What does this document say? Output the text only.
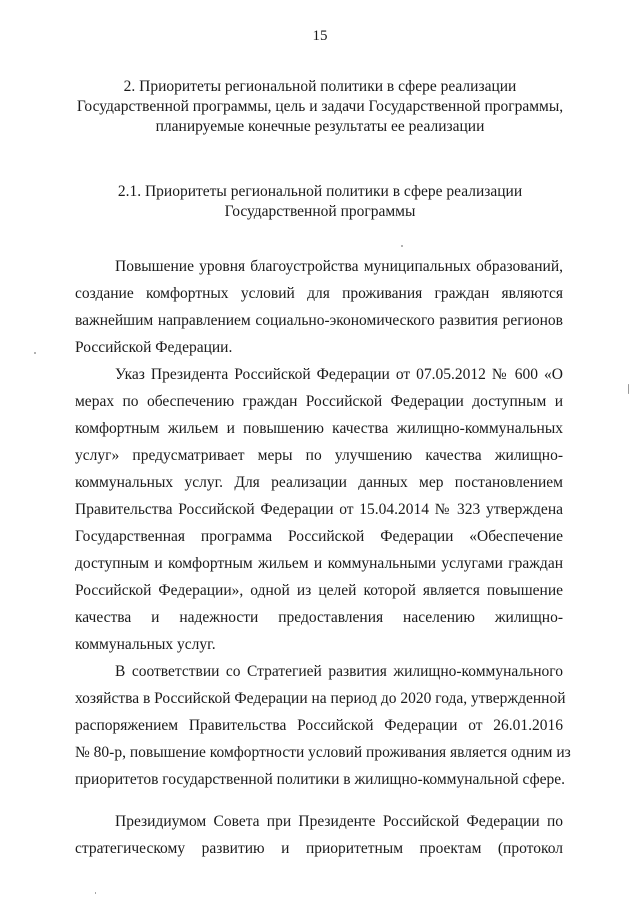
15
2. Приоритеты региональной политики в сфере реализации
Государственной программы, цель и задачи Государственной программы,
планируемые конечные результаты ее реализации
2.1. Приоритеты региональной политики в сфере реализации
Государственной программы
Повышение уровня благоустройства муниципальных образований,
создание комфортных условий для проживания граждан являются
важнейшим направлением социально-экономического развития регионов
Российской Федерации.
Указ Президента Российской Федерации от 07.05.2012 № 600 «О
мерах по обеспечению граждан Российской Федерации доступным и
комфортным жильем и повышению качества жилищно-коммунальных
услуг» предусматривает меры по улучшению качества жилищно-
коммунальных услуг. Для реализации данных мер постановлением
Правительства Российской Федерации от 15.04.2014 № 323 утверждена
Государственная программа Российской Федерации «Обеспечение
доступным и комфортным жильем и коммунальными услугами граждан
Российской Федерации», одной из целей которой является повышение
качества и надежности предоставления населению жилищно-
коммунальных услуг.
В соответствии со Стратегией развития жилищно-коммунального
хозяйства в Российской Федерации на период до 2020 года, утвержденной
распоряжением Правительства Российской Федерации от 26.01.2016
№ 80-р, повышение комфортности условий проживания является одним из
приоритетов государственной политики в жилищно-коммунальной сфере.
Президиумом Совета при Президенте Российской Федерации по
стратегическому развитию и приоритетным проектам (протокол
